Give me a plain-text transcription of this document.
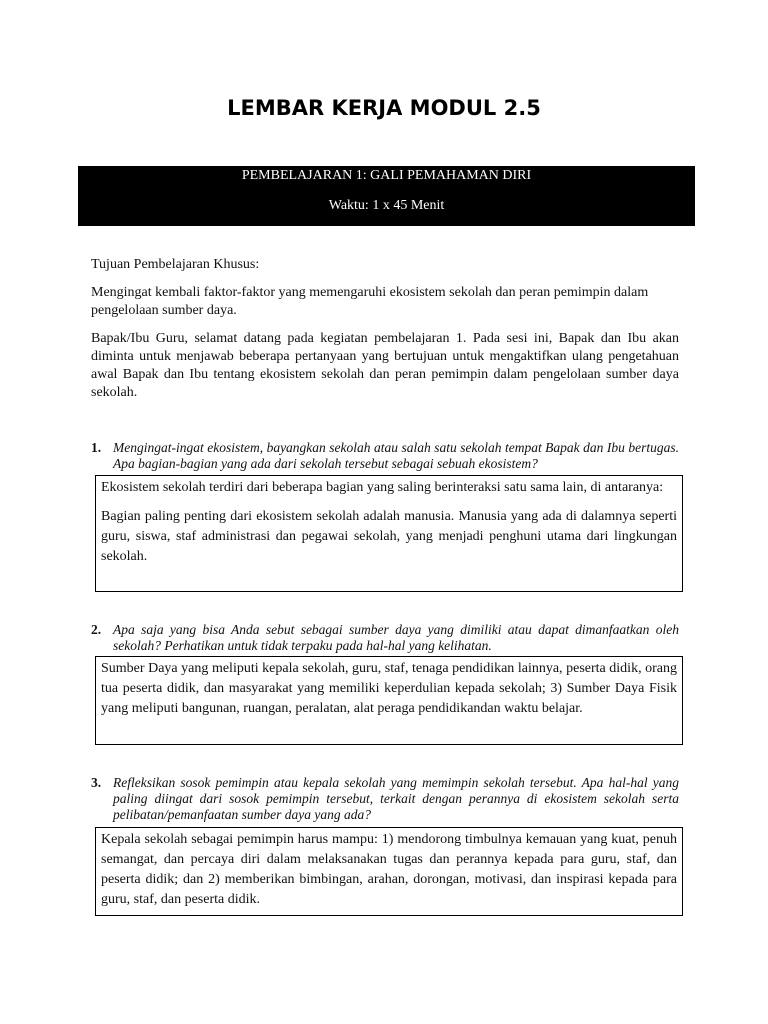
LEMBAR KERJA MODUL 2.5
PEMBELAJARAN 1: GALI PEMAHAMAN DIRI
Waktu: 1 x 45 Menit
Tujuan Pembelajaran Khusus:
Mengingat kembali faktor-faktor yang memengaruhi ekosistem sekolah dan peran pemimpin dalam pengelolaan sumber daya.
Bapak/Ibu Guru, selamat datang pada kegiatan pembelajaran 1. Pada sesi ini, Bapak dan Ibu akan diminta untuk menjawab beberapa pertanyaan yang bertujuan untuk mengaktifkan ulang pengetahuan awal Bapak dan Ibu tentang ekosistem sekolah dan peran pemimpin dalam pengelolaan sumber daya sekolah.
1. Mengingat-ingat ekosistem, bayangkan sekolah atau salah satu sekolah tempat Bapak dan Ibu bertugas. Apa bagian-bagian yang ada dari sekolah tersebut sebagai sebuah ekosistem?

Ekosistem sekolah terdiri dari beberapa bagian yang saling berinteraksi satu sama lain, di antaranya:

Bagian paling penting dari ekosistem sekolah adalah manusia. Manusia yang ada di dalamnya seperti guru, siswa, staf administrasi dan pegawai sekolah, yang menjadi penghuni utama dari lingkungan sekolah.

2. Apa saja yang bisa Anda sebut sebagai sumber daya yang dimiliki atau dapat dimanfaatkan oleh sekolah? Perhatikan untuk tidak terpaku pada hal-hal yang kelihatan.

Sumber Daya yang meliputi kepala sekolah, guru, staf, tenaga pendidikan lainnya, peserta didik, orang tua peserta didik, dan masyarakat yang memiliki keperdulian kepada sekolah; 3) Sumber Daya Fisik yang meliputi bangunan, ruangan, peralatan, alat peraga pendidikandan waktu belajar.

3. Refleksikan sosok pemimpin atau kepala sekolah yang memimpin sekolah tersebut. Apa hal-hal yang paling diingat dari sosok pemimpin tersebut, terkait dengan perannya di ekosistem sekolah serta pelibatan/pemanfaatan sumber daya yang ada?

Kepala sekolah sebagai pemimpin harus mampu: 1) mendorong timbulnya kemauan yang kuat, penuh semangat, dan percaya diri dalam melaksanakan tugas dan perannya kepada para guru, staf, dan peserta didik; dan 2) memberikan bimbingan, arahan, dorongan, motivasi, dan inspirasi kepada para guru, staf, dan peserta didik.
